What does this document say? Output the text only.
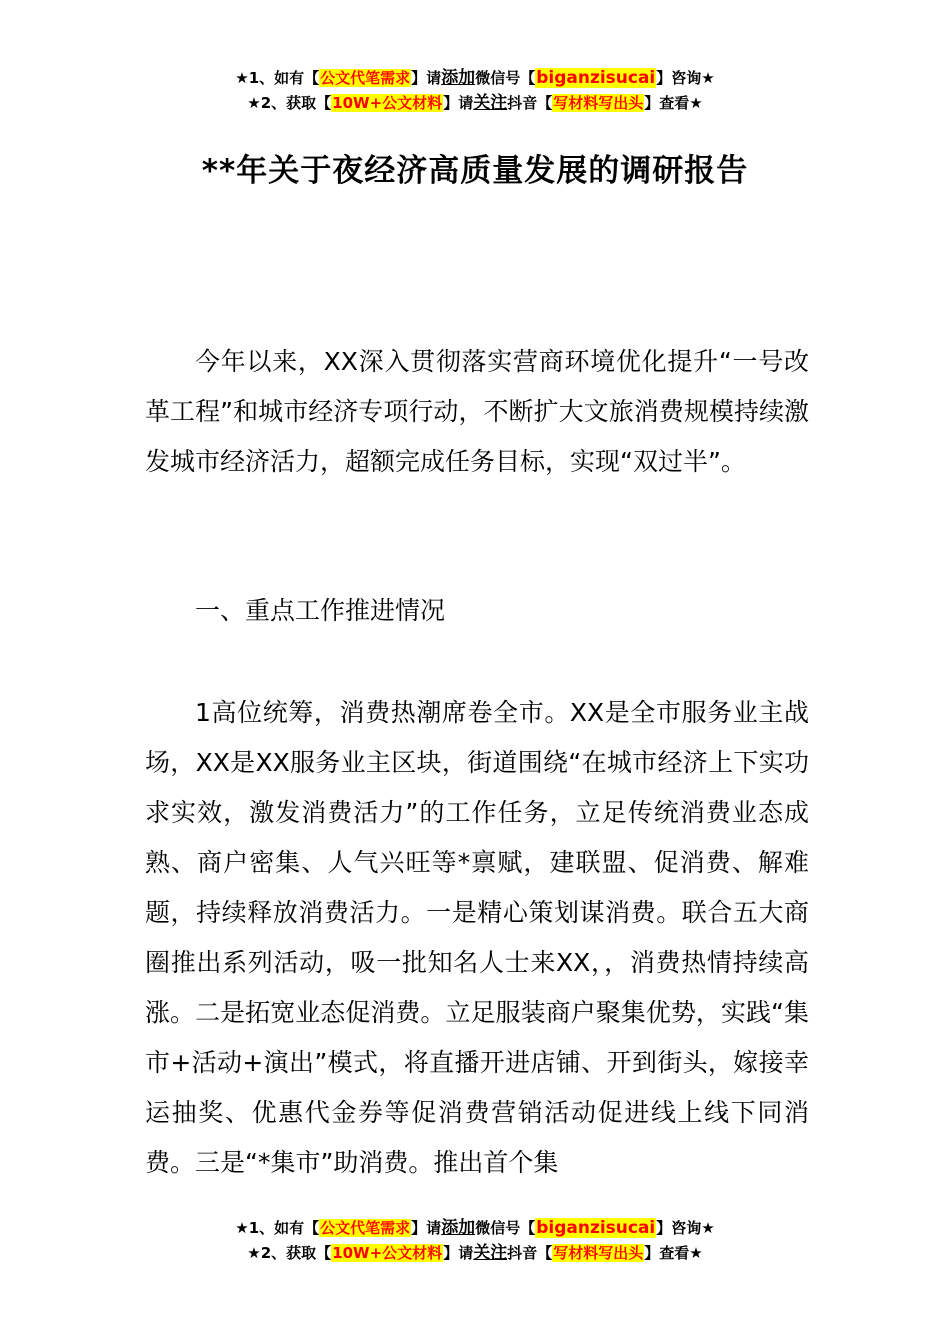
★1、如有【公文代笔需求】请添加微信号【biganzisucai】咨询★
★2、获取【10W+公文材料】请关注抖音【写材料写出头】查看★
**年关于夜经济高质量发展的调研报告

今年以来，XX深入贯彻落实营商环境优化提升“一号改革工程”和城市经济专项行动，不断扩大文旅消费规模持续激发城市经济活力，超额完成任务目标，实现“双过半”。

一、重点工作推进情况

1高位统筹，消费热潮席卷全市。XX是全市服务业主战场，XX是XX服务业主区块，街道围绕“在城市经济上下实功求实效，激发消费活力”的工作任务，立足传统消费业态成熟、商户密集、人气兴旺等*禀赋，建联盟、促消费、解难题，持续释放消费活力。一是精心策划谋消费。联合五大商圈推出系列活动，吸一批知名人士来XX，，消费热情持续高涨。二是拓宽业态促消费。立足服装商户聚集优势，实践“集市+活动+演出”模式，将直播开进店铺、开到街头，嫁接幸运抽奖、优惠代金券等促消费营销活动促进线上线下同消费。三是“*集市”助消费。推出首个集

★1、如有【公文代笔需求】请添加微信号【biganzisucai】咨询★
★2、获取【10W+公文材料】请关注抖音【写材料写出头】查看★
